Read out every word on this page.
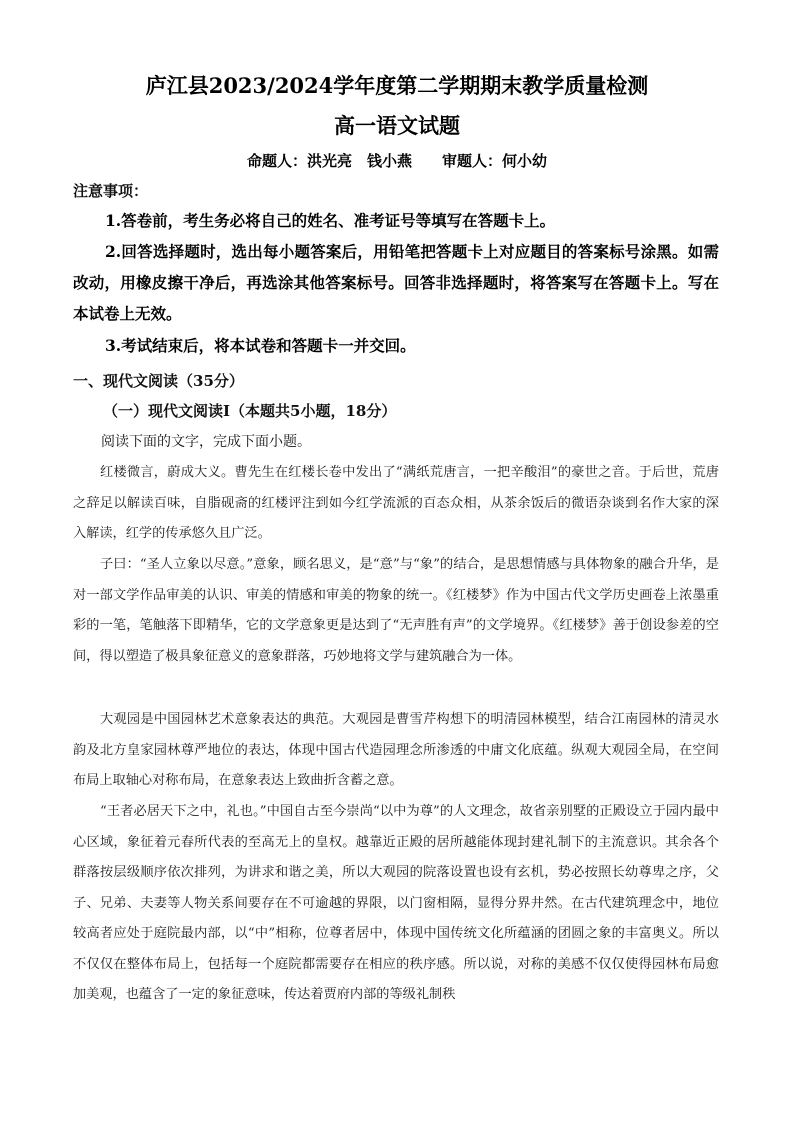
庐江县2023/2024学年度第二学期期末教学质量检测
高一语文试题
命题人：洪光亮　钱小燕　　审题人：何小幼
注意事项：
1.答卷前，考生务必将自己的姓名、准考证号等填写在答题卡上。
2.回答选择题时，选出每小题答案后，用铅笔把答题卡上对应题目的答案标号涂黑。如需改动，用橡皮擦干净后，再选涂其他答案标号。回答非选择题时，将答案写在答题卡上。写在本试卷上无效。
3.考试结束后，将本试卷和答题卡一并交回。
一、现代文阅读（35分）
（一）现代文阅读Ⅰ（本题共5小题，18分）
阅读下面的文字，完成下面小题。
红楼微言，蔚成大义。曹先生在红楼长卷中发出了“满纸荒唐言，一把辛酸泪”的豪世之音。于后世，荒唐之辞足以解读百味，自脂砚斋的红楼评注到如今红学流派的百态众相，从茶余饭后的微语杂谈到名作大家的深入解读，红学的传承悠久且广泛。
子曰：“圣人立象以尽意。”意象，顾名思义，是“意”与“象”的结合，是思想情感与具体物象的融合升华，是对一部文学作品审美的认识、审美的情感和审美的物象的统一。《红楼梦》作为中国古代文学历史画卷上浓墨重彩的一笔，笔触落下即精华，它的文学意象更是达到了“无声胜有声”的文学境界。《红楼梦》善于创设参差的空间，得以塑造了极具象征意义的意象群落，巧妙地将文学与建筑融合为一体。
大观园是中国园林艺术意象表达的典范。大观园是曹雪芹构想下的明清园林模型，结合江南园林的清灵水韵及北方皇家园林尊严地位的表达，体现中国古代造园理念所渗透的中庸文化底蕴。纵观大观园全局，在空间布局上取轴心对称布局，在意象表达上致曲折含蓄之意。
“王者必居天下之中，礼也。”中国自古至今崇尚“以中为尊”的人文理念，故省亲别墅的正殿设立于园内最中心区域，象征着元春所代表的至高无上的皇权。越靠近正殿的居所越能体现封建礼制下的主流意识。其余各个群落按层级顺序依次排列，为讲求和谐之美，所以大观园的院落设置也设有玄机，势必按照长幼尊卑之序，父子、兄弟、夫妻等人物关系间要存在不可逾越的界限，以门窗相隔，显得分界井然。在古代建筑理念中，地位较高者应处于庭院最内部，以“中”相称，位尊者居中，体现中国传统文化所蕴涵的团圆之象的丰富奥义。所以不仅仅在整体布局上，包括每一个庭院都需要存在相应的秩序感。所以说，对称的美感不仅仅使得园林布局愈加美观，也蕴含了一定的象征意味，传达着贾府内部的等级礼制秩
